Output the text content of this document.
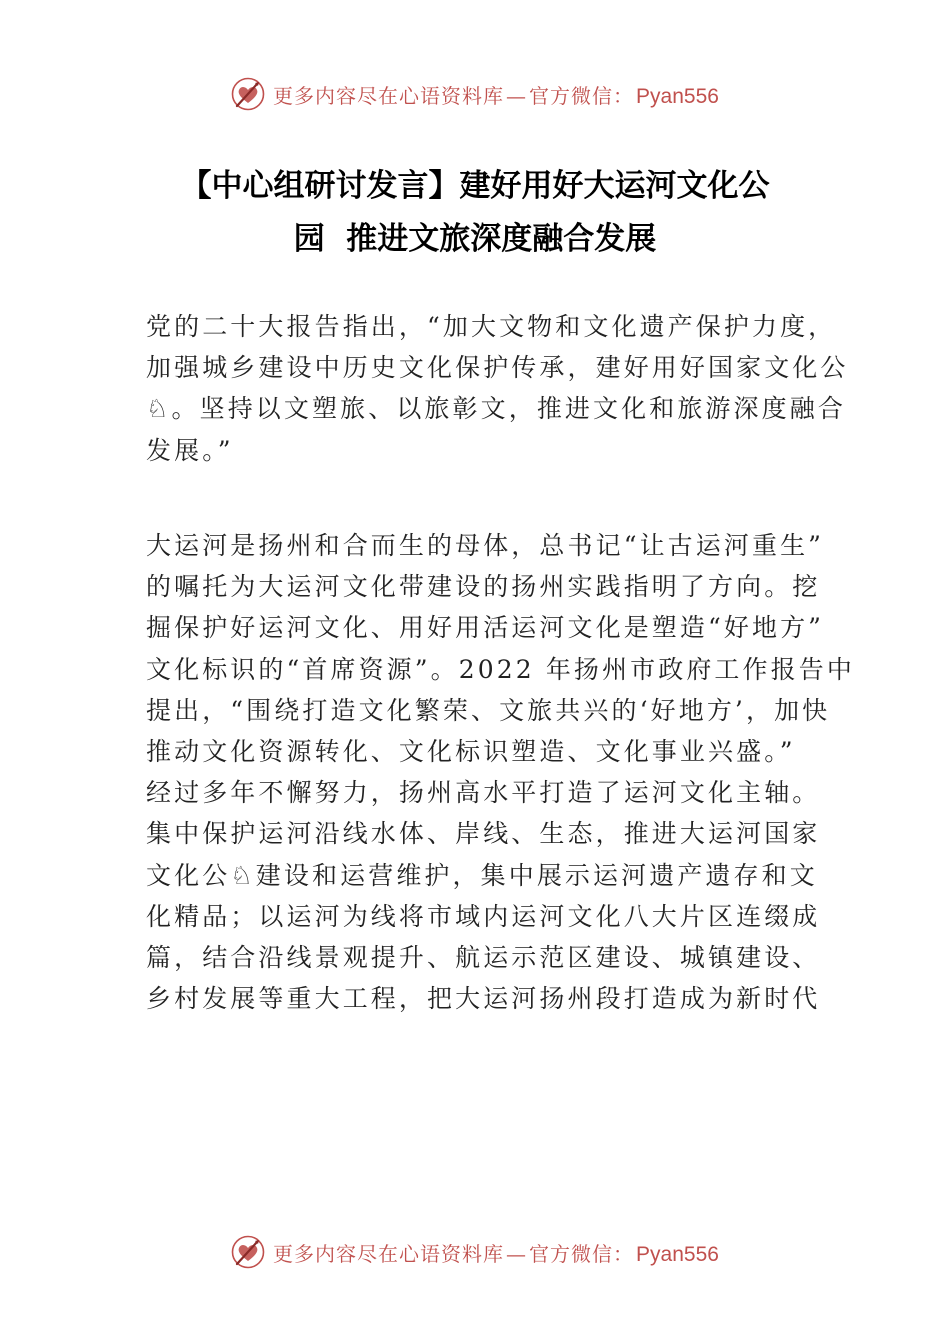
更多内容尽在心语资料库 — 官方微信：Pyan556
【中心组研讨发言】建好用好大运河文化公
园  推进文旅深度融合发展

党的二十大报告指出，“加大文物和文化遗产保护力度，
加强城乡建设中历史文化保护传承，建好用好国家文化公
♘。坚持以文塑旅、以旅彰文，推进文化和旅游深度融合
发展。”

大运河是扬州和合而生的母体，总书记“让古运河重生”
的嘱托为大运河文化带建设的扬州实践指明了方向。挖
掘保护好运河文化、用好用活运河文化是塑造“好地方”
文化标识的“首席资源”。2022 年扬州市政府工作报告中
提出，“围绕打造文化繁荣、文旅共兴的‘好地方’，加快
推动文化资源转化、文化标识塑造、文化事业兴盛。”
经过多年不懈努力，扬州高水平打造了运河文化主轴。
集中保护运河沿线水体、岸线、生态，推进大运河国家
文化公♘建设和运营维护，集中展示运河遗产遗存和文
化精品；以运河为线将市域内运河文化八大片区连缀成
篇，结合沿线景观提升、航运示范区建设、城镇建设、
乡村发展等重大工程，把大运河扬州段打造成为新时代

更多内容尽在心语资料库 — 官方微信：Pyan556
